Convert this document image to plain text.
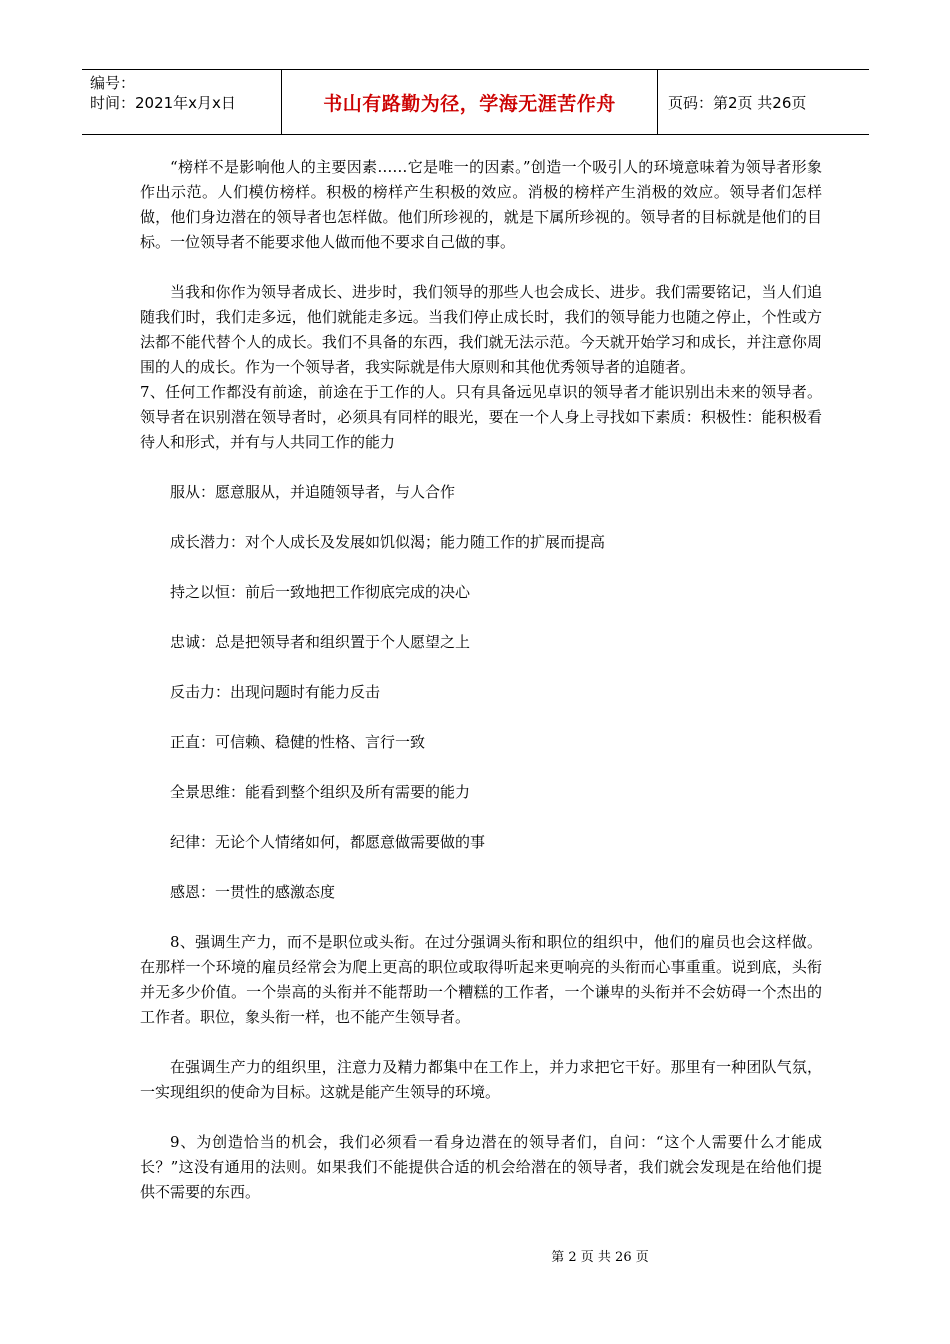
编号：
时间：2021年x月x日	书山有路勤为径，学海无涯苦作舟	页码：第2页 共26页

“榜样不是影响他人的主要因素……它是唯一的因素。”创造一个吸引人的环境意味着为领导者形象作出示范。人们模仿榜样。积极的榜样产生积极的效应。消极的榜样产生消极的效应。领导者们怎样做，他们身边潜在的领导者也怎样做。他们所珍视的，就是下属所珍视的。领导者的目标就是他们的目标。一位领导者不能要求他人做而他不要求自己做的事。

当我和你作为领导者成长、进步时，我们领导的那些人也会成长、进步。我们需要铭记，当人们追随我们时，我们走多远，他们就能走多远。当我们停止成长时，我们的领导能力也随之停止，个性或方法都不能代替个人的成长。我们不具备的东西，我们就无法示范。今天就开始学习和成长，并注意你周围的人的成长。作为一个领导者，我实际就是伟大原则和其他优秀领导者的追随者。

7、任何工作都没有前途，前途在于工作的人。只有具备远见卓识的领导者才能识别出未来的领导者。领导者在识别潜在领导者时，必须具有同样的眼光，要在一个人身上寻找如下素质：积极性：能积极看待人和形式，并有与人共同工作的能力

服从：愿意服从，并追随领导者，与人合作

成长潜力：对个人成长及发展如饥似渴；能力随工作的扩展而提高

持之以恒：前后一致地把工作彻底完成的决心

忠诚：总是把领导者和组织置于个人愿望之上

反击力：出现问题时有能力反击

正直：可信赖、稳健的性格、言行一致

全景思维：能看到整个组织及所有需要的能力

纪律：无论个人情绪如何，都愿意做需要做的事

感恩：一贯性的感激态度

8、强调生产力，而不是职位或头衔。在过分强调头衔和职位的组织中，他们的雇员也会这样做。在那样一个环境的雇员经常会为爬上更高的职位或取得听起来更响亮的头衔而心事重重。说到底，头衔并无多少价值。一个崇高的头衔并不能帮助一个糟糕的工作者，一个谦卑的头衔并不会妨碍一个杰出的工作者。职位，象头衔一样，也不能产生领导者。

在强调生产力的组织里，注意力及精力都集中在工作上，并力求把它干好。那里有一种团队气氛，一实现组织的使命为目标。这就是能产生领导的环境。

9、为创造恰当的机会，我们必须看一看身边潜在的领导者们，自问：“这个人需要什么才能成长？”这没有通用的法则。如果我们不能提供合适的机会给潜在的领导者，我们就会发现是在给他们提供不需要的东西。

第 2 页 共 26 页
